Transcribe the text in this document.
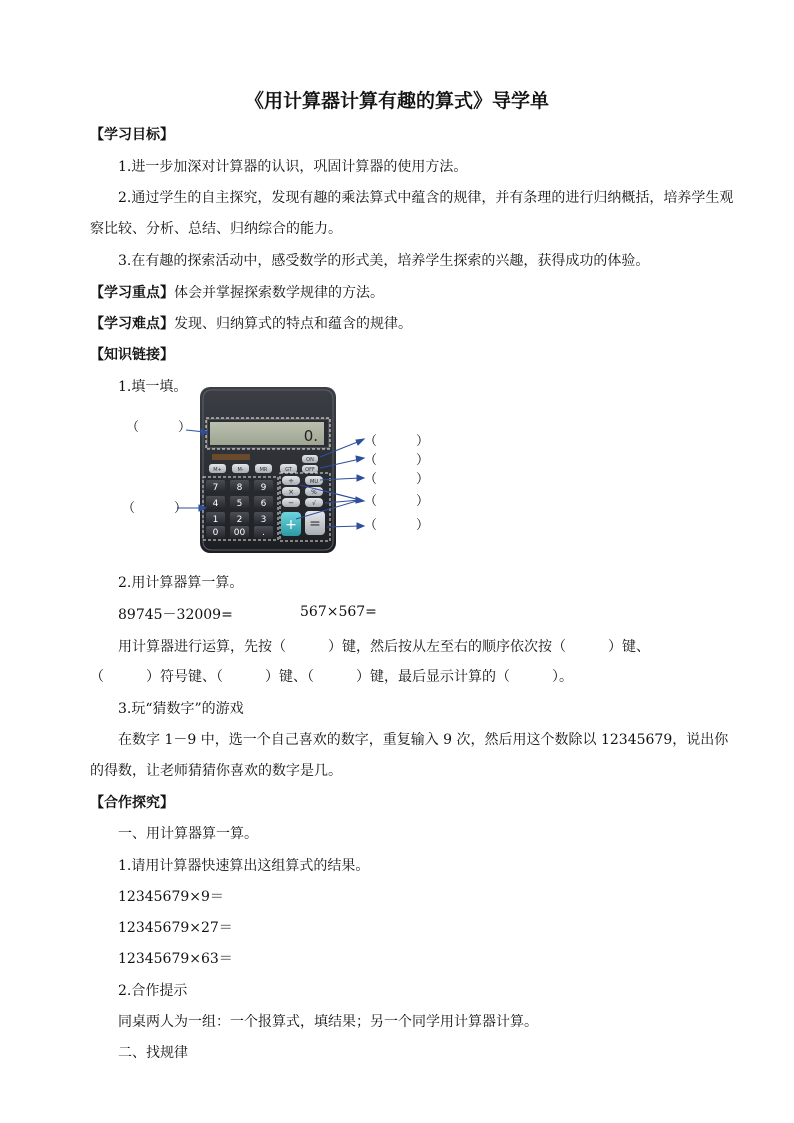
《用计算器计算有趣的算式》导学单
【学习目标】
1.进一步加深对计算器的认识，巩固计算器的使用方法。
2.通过学生的自主探究，发现有趣的乘法算式中蕴含的规律，并有条理的进行归纳概括，培养学生观
察比较、分析、总结、归纳综合的能力。
3.在有趣的探索活动中，感受数学的形式美，培养学生探索的兴趣，获得成功的体验。
【学习重点】体会并掌握探索数学规律的方法。
【学习难点】发现、归纳算式的特点和蕴含的规律。
【知识链接】
1.填一填。
0.
M+	M-	MR	GT
ON
OFF
7 8 9
4 5 6
1 2 3
0 00 .
÷
×
−
MU
%
√
+ =
（　　　）
（　　　）
（　　　）
（　　　）
（　　　）
（　　　）
（　　　）
2.用计算器算一算。
89745－32009=	567×567=
用计算器进行运算，先按（　　　）键，然后按从左至右的顺序依次按（　　　）键、
（　　　）符号键、（　　　）键、（　　　）键，最后显示计算的（　　　）。
3.玩“猜数字”的游戏
在数字 1－9 中，选一个自己喜欢的数字，重复输入 9 次，然后用这个数除以 12345679，说出你
的得数，让老师猜猜你喜欢的数字是几。
【合作探究】
一、用计算器算一算。
1.请用计算器快速算出这组算式的结果。
12345679×9＝
12345679×27＝
12345679×63＝
2.合作提示
同桌两人为一组：一个报算式，填结果；另一个同学用计算器计算。
二、找规律
